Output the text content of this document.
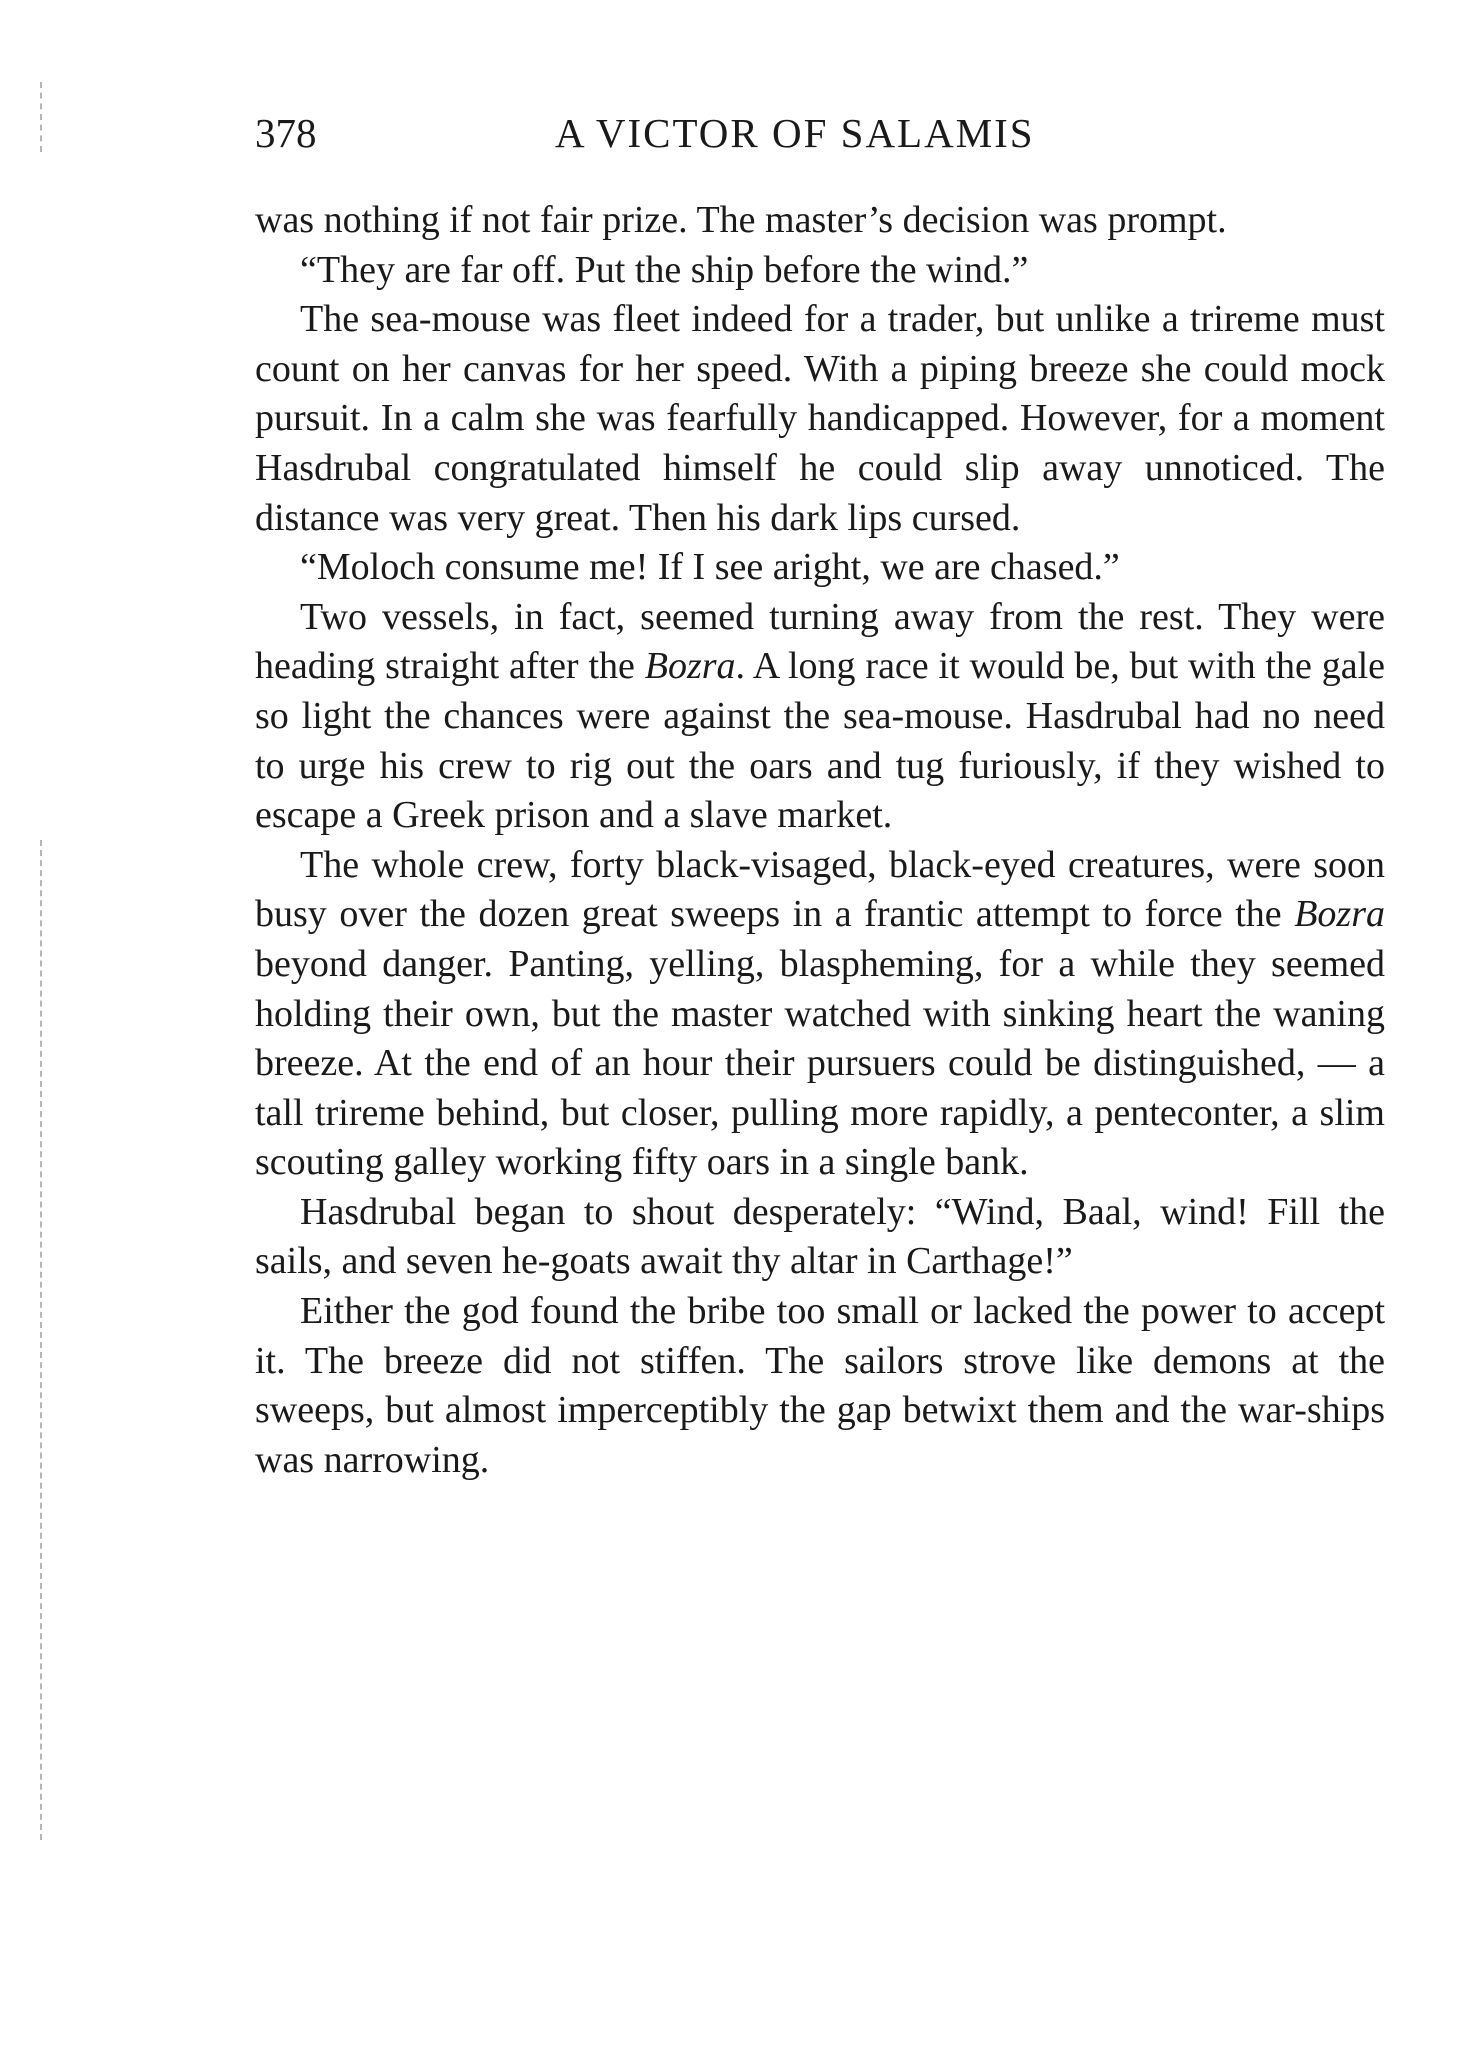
378	A VICTOR OF SALAMIS

was nothing if not fair prize. The master’s decision was prompt.

“They are far off. Put the ship before the wind.”

The sea-mouse was fleet indeed for a trader, but unlike a trireme must count on her canvas for her speed. With a piping breeze she could mock pursuit. In a calm she was fearfully handicapped. However, for a moment Hasdrubal congratulated himself he could slip away unnoticed. The distance was very great. Then his dark lips cursed.

“Moloch consume me! If I see aright, we are chased.”

Two vessels, in fact, seemed turning away from the rest. They were heading straight after the Bozra. A long race it would be, but with the gale so light the chances were against the sea-mouse. Hasdrubal had no need to urge his crew to rig out the oars and tug furiously, if they wished to escape a Greek prison and a slave market.

The whole crew, forty black-visaged, black-eyed creatures, were soon busy over the dozen great sweeps in a frantic attempt to force the Bozra beyond danger. Panting, yelling, blaspheming, for a while they seemed holding their own, but the master watched with sinking heart the waning breeze. At the end of an hour their pursuers could be distinguished, — a tall trireme behind, but closer, pulling more rapidly, a penteconter, a slim scouting galley working fifty oars in a single bank.

Hasdrubal began to shout desperately: “Wind, Baal, wind! Fill the sails, and seven he-goats await thy altar in Carthage!”

Either the god found the bribe too small or lacked the power to accept it. The breeze did not stiffen. The sailors strove like demons at the sweeps, but almost imperceptibly the gap betwixt them and the war-ships was narrowing.
